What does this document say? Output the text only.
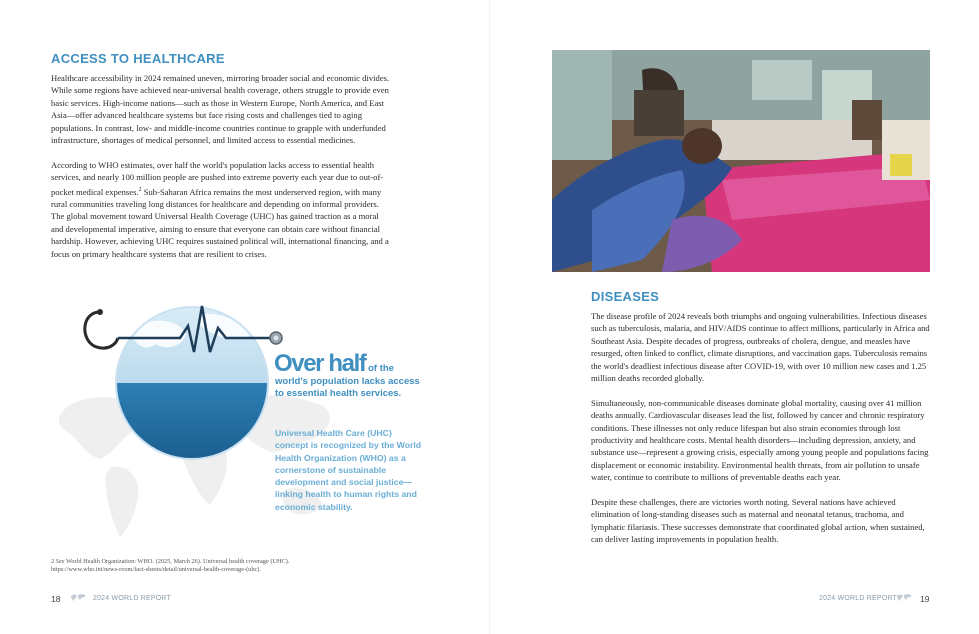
ACCESS TO HEALTHCARE

Healthcare accessibility in 2024 remained uneven, mirroring broader social and economic divides. While some regions have achieved near-universal health coverage, others struggle to provide even basic services. High-income nations—such as those in Western Europe, North America, and East Asia—offer advanced healthcare systems but face rising costs and challenges tied to aging populations. In contrast, low- and middle-income countries continue to grapple with underfunded infrastructure, shortages of medical personnel, and limited access to essential medicines.

According to WHO estimates, over half the world's population lacks access to essential health services, and nearly 100 million people are pushed into extreme poverty each year due to out-of-pocket medical expenses.$^2$ Sub-Saharan Africa remains the most underserved region, with many rural communities traveling long distances for healthcare and depending on informal providers. The global movement toward Universal Health Coverage (UHC) has gained traction as a moral and developmental imperative, aiming to ensure that everyone can obtain care without financial hardship. However, achieving UHC requires sustained political will, international financing, and a focus on primary healthcare systems that are resilient to crises.

Over half of the
world's population lacks access
to essential health services.
Universal Health Care (UHC) concept is recognized by the World Health Organization (WHO) as a cornerstone of sustainable development and social justice—linking health to human rights and economic stability.
2 See World Health Organization: WHO. (2025, March 26). Universal health coverage (UHC). https://www.who.int/news-room/fact-sheets/detail/universal-health-coverage-(uhc).
18	2024 WORLD REPORT
DISEASES

The disease profile of 2024 reveals both triumphs and ongoing vulnerabilities. Infectious diseases such as tuberculosis, malaria, and HIV/AIDS continue to affect millions, particularly in Africa and Southeast Asia. Despite decades of progress, outbreaks of cholera, dengue, and measles have resurged, often linked to conflict, climate disruptions, and vaccination gaps. Tuberculosis remains the world's deadliest infectious disease after COVID-19, with over 10 million new cases and 1.25 million deaths recorded globally.

Simultaneously, non-communicable diseases dominate global mortality, causing over 41 million deaths annually. Cardiovascular diseases lead the list, followed by cancer and chronic respiratory conditions. These illnesses not only reduce lifespan but also strain economies through lost productivity and healthcare costs. Mental health disorders—including depression, anxiety, and substance use—represent a growing crisis, especially among young people and populations facing displacement or economic instability. Environmental health threats, from air pollution to unsafe water, continue to contribute to millions of preventable deaths each year.

Despite these challenges, there are victories worth noting. Several nations have achieved elimination of long-standing diseases such as maternal and neonatal tetanus, trachoma, and lymphatic filariasis. These successes demonstrate that coordinated global action, when sustained, can deliver lasting improvements in population health.

2024 WORLD REPORT	19
